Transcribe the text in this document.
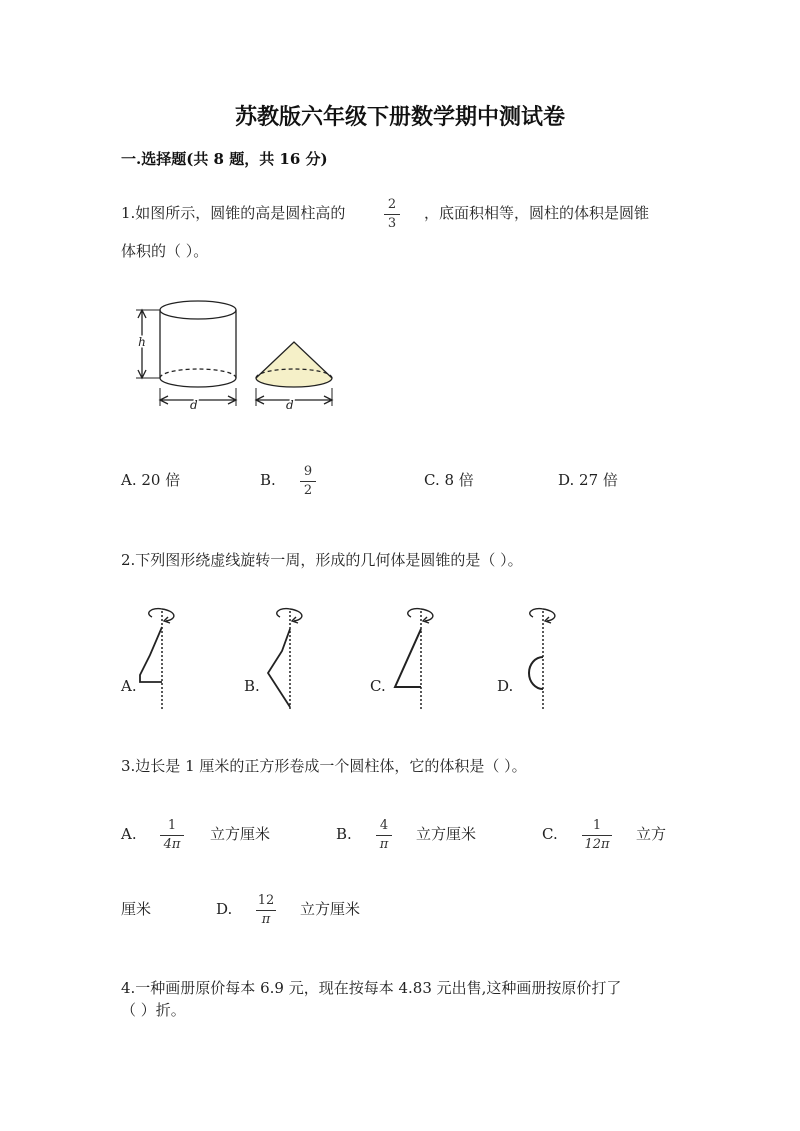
苏教版六年级下册数学期中测试卷
一.选择题(共 8 题，共 16 分)
1.如图所示，圆锥的高是圆柱高的	2
3
，底面积相等，圆柱的体积是圆锥
体积的（ ）。
h
d	d
A. 20 倍	B. 9
2
C. 8 倍	D. 27 倍
2.下列图形绕虚线旋转一周，形成的几何体是圆锥的是（ ）。
A.	B.	C.	D.
3.边长是 1 厘米的正方形卷成一个圆柱体，它的体积是（ ）。
A.	1
4π
立方厘米	B. 4
π
立方厘米	C.	1
12π
立方
厘米	D. 12
π
立方厘米
4.一种画册原价每本 6.9 元，现在按每本 4.83 元出售,这种画册按原价打了
（ ）折。
